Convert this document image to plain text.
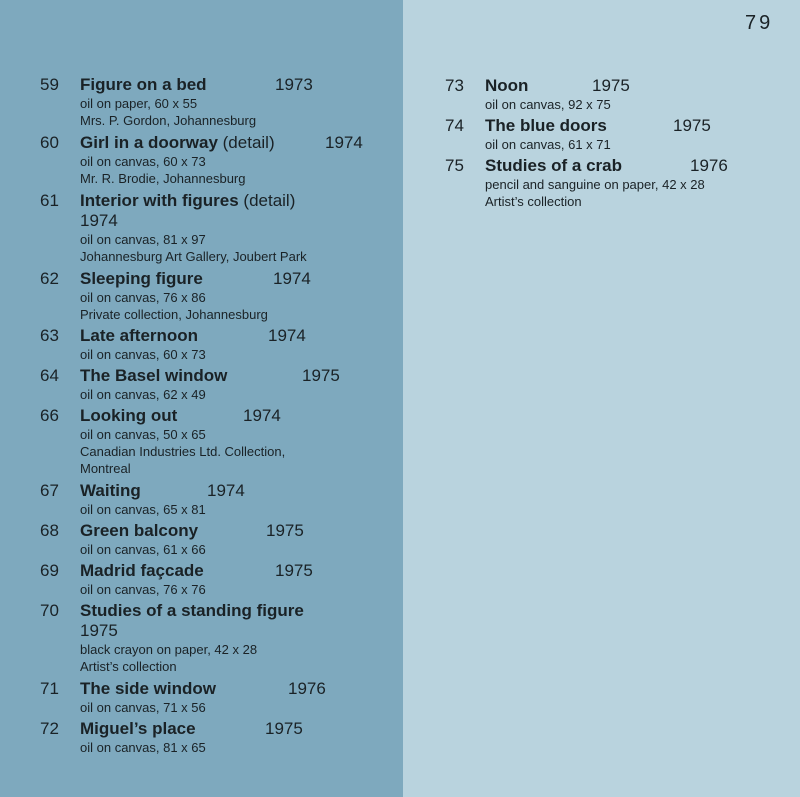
79
59	Figure on a bed	1973
oil on paper, 60 x 55
Mrs. P. Gordon, Johannesburg
60	Girl in a doorway (detail)	1974
oil on canvas, 60 x 73
Mr. R. Brodie, Johannesburg
61	Interior with figures (detail)
1974
oil on canvas, 81 x 97
Johannesburg Art Gallery, Joubert Park
62	Sleeping figure	1974
oil on canvas, 76 x 86
Private collection, Johannesburg
63	Late afternoon	1974
oil on canvas, 60 x 73
64	The Basel window	1975
oil on canvas, 62 x 49
66	Looking out	1974
oil on canvas, 50 x 65
Canadian Industries Ltd. Collection,
Montreal
67	Waiting	1974
oil on canvas, 65 x 81
68	Green balcony	1975
oil on canvas, 61 x 66
69	Madrid façcade	1975
oil on canvas, 76 x 76
70	Studies of a standing figure
1975
black crayon on paper, 42 x 28
Artist’s collection
71	The side window	1976
oil on canvas, 71 x 56
72	Miguel’s place	1975
oil on canvas, 81 x 65
73	Noon	1975
oil on canvas, 92 x 75
74	The blue doors	1975
oil on canvas, 61 x 71
75	Studies of a crab	1976
pencil and sanguine on paper, 42 x 28
Artist’s collection
